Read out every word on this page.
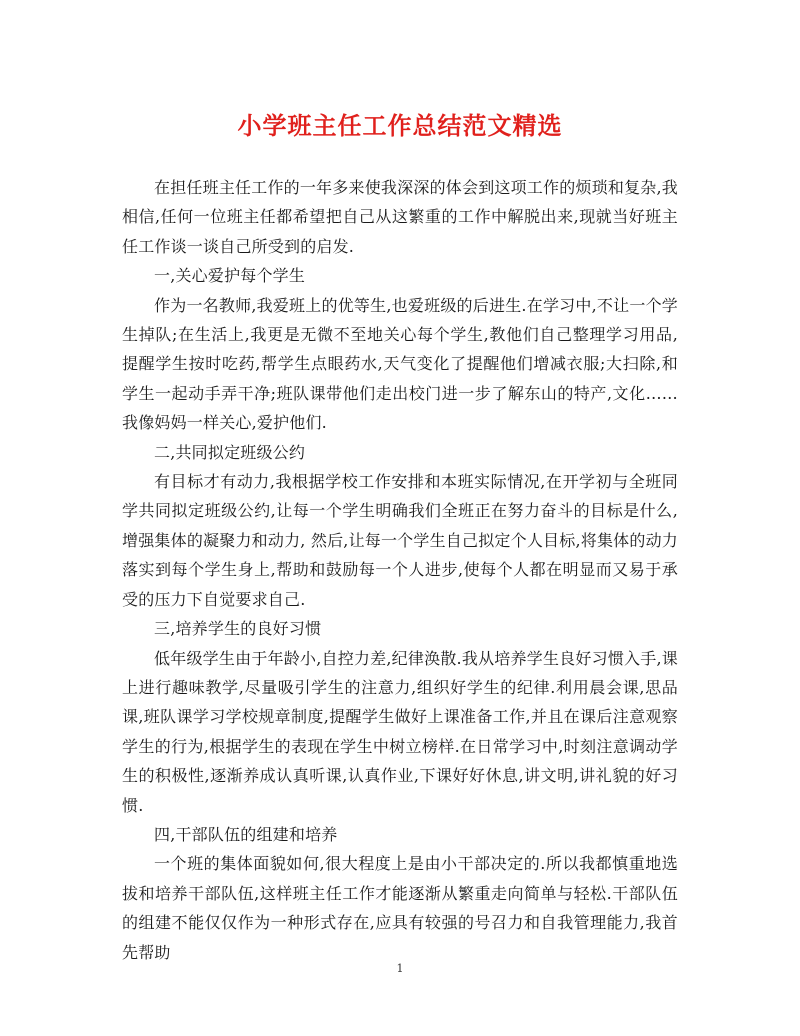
小学班主任工作总结范文精选

在担任班主任工作的一年多来使我深深的体会到这项工作的烦琐和复杂,我相信,任何一位班主任都希望把自己从这繁重的工作中解脱出来,现就当好班主任工作谈一谈自己所受到的启发.

一,关心爱护每个学生

作为一名教师,我爱班上的优等生,也爱班级的后进生.在学习中,不让一个学生掉队;在生活上,我更是无微不至地关心每个学生,教他们自己整理学习用品,提醒学生按时吃药,帮学生点眼药水,天气变化了提醒他们增减衣服;大扫除,和学生一起动手弄干净;班队课带他们走出校门进一步了解东山的特产,文化……我像妈妈一样关心,爱护他们.

二,共同拟定班级公约

有目标才有动力,我根据学校工作安排和本班实际情况,在开学初与全班同学共同拟定班级公约,让每一个学生明确我们全班正在努力奋斗的目标是什么,增强集体的凝聚力和动力, 然后,让每一个学生自己拟定个人目标,将集体的动力落实到每个学生身上,帮助和鼓励每一个人进步,使每个人都在明显而又易于承受的压力下自觉要求自己.

三,培养学生的良好习惯

低年级学生由于年龄小,自控力差,纪律涣散.我从培养学生良好习惯入手,课上进行趣味教学,尽量吸引学生的注意力,组织好学生的纪律.利用晨会课,思品课,班队课学习学校规章制度,提醒学生做好上课准备工作,并且在课后注意观察学生的行为,根据学生的表现在学生中树立榜样.在日常学习中,时刻注意调动学生的积极性,逐渐养成认真听课,认真作业,下课好好休息,讲文明,讲礼貌的好习惯.

四,干部队伍的组建和培养

一个班的集体面貌如何,很大程度上是由小干部决定的.所以我都慎重地选拔和培养干部队伍,这样班主任工作才能逐渐从繁重走向简单与轻松.干部队伍的组建不能仅仅作为一种形式存在,应具有较强的号召力和自我管理能力,我首先帮助

1
